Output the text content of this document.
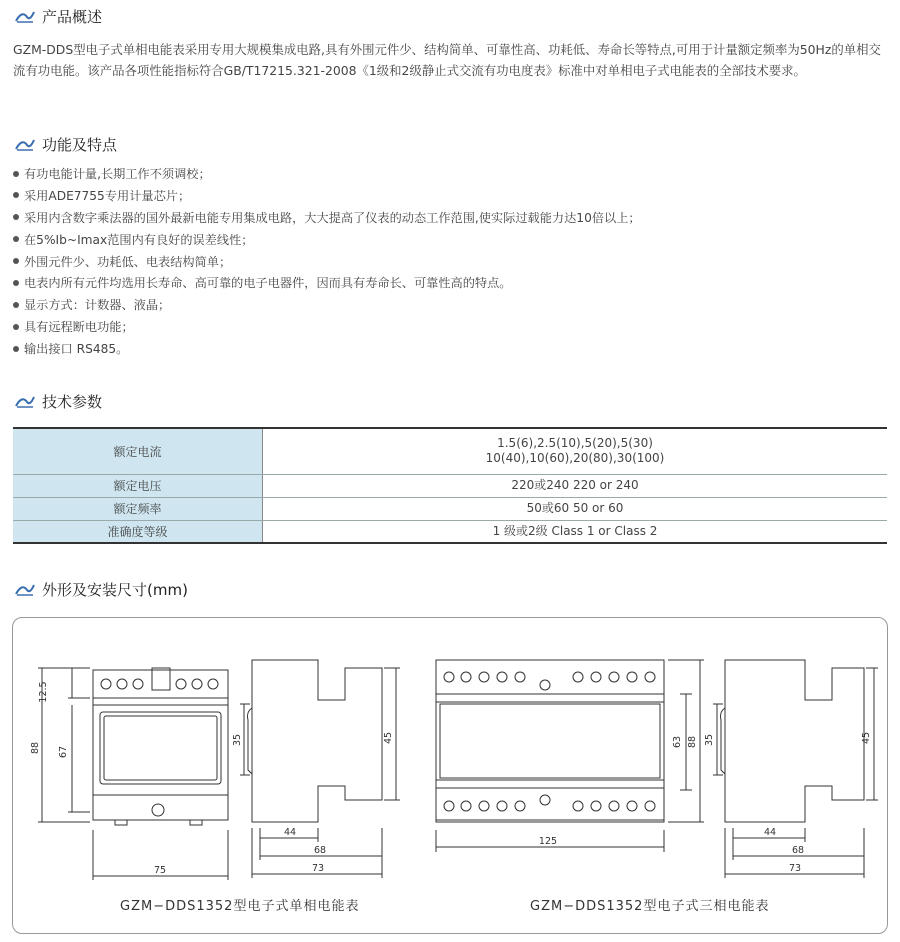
产品概述
GZM-DDS型电子式单相电能表采用专用大规模集成电路,具有外围元件少、结构简单、可靠性高、功耗低、寿命长等特点,可用于计量额定频率为50Hz的单相交流有功电能。该产品各项性能指标符合GB/T17215.321-2008《1级和2级静止式交流有功电度表》标准中对单相电子式电能表的全部技术要求。
功能及特点
有功电能计量,长期工作不须调校；
采用ADE7755专用计量芯片；
采用内含数字乘法器的国外最新电能专用集成电路，大大提高了仪表的动态工作范围,使实际过载能力达10倍以上；
在5%Ib~Imax范围内有良好的误差线性；
外围元件少、功耗低、电表结构简单；
电表内所有元件均选用长寿命、高可靠的电子电器件，因而具有寿命长、可靠性高的特点。
显示方式：计数器、液晶；
具有远程断电功能；
输出接口 RS485。
技术参数
额定电流	1.5(6),2.5(10),5(20),5(30)
10(40),10(60),20(80),30(100)

额定电压	220或240 220 or 240
额定频率	50或60 50 or 60
准确度等级	1 级或2级 Class 1 or Class 2
外形及安装尺寸(mm)
12.5
88 67
75
35	45
44
68
73
125
63 88 35	45
44
68
73
GZM−DDS1352型电子式单相电能表	GZM−DDS1352型电子式三相电能表
